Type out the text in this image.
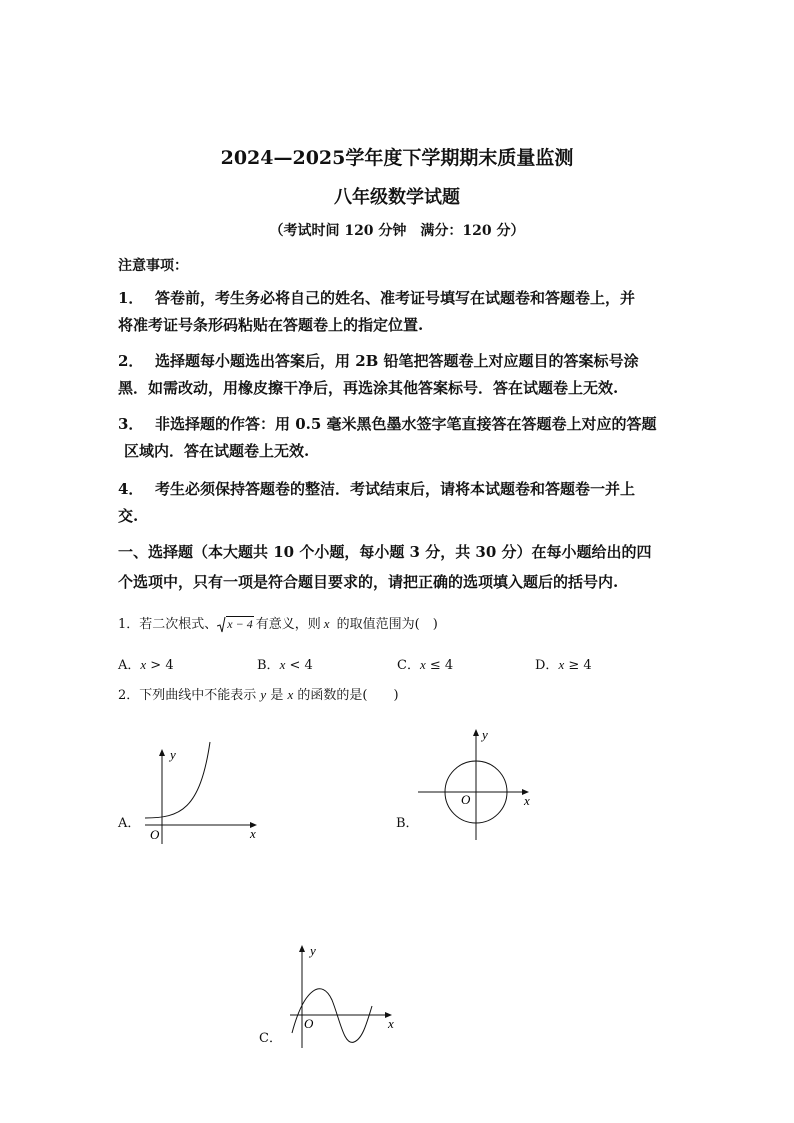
2024—2025学年度下学期期末质量监测
八年级数学试题
（考试时间 120 分钟　满分：120 分）
注意事项：
1． 答卷前，考生务必将自己的姓名、准考证号填写在试题卷和答题卷上，并
将准考证号条形码粘贴在答题卷上的指定位置.
2． 选择题每小题选出答案后，用 2B 铅笔把答题卷上对应题目的答案标号涂
黑．如需改动，用橡皮擦干净后，再选涂其他答案标号．答在试题卷上无效.
3． 非选择题的作答：用 0.5 毫米黑色墨水签字笔直接答在答题卷上对应的答题
区域内．答在试题卷上无效.
4． 考生必须保持答题卷的整洁．考试结束后，请将本试题卷和答题卷一并上
交.
一、选择题（本大题共 10 个小题，每小题 3 分，共 30 分）在每小题给出的四
个选项中，只有一项是符合题目要求的，请把正确的选项填入题后的括号内.
1．若二次根式、 x − 4 有意义，则 x 的取值范围为(　)
A．x > 4	B．x < 4	C．x ≤ 4	D．x ≥ 4
2．下列曲线中不能表示 y 是 x 的函数的是(　　)
A．
y
x
O
B．
y
x
O
C．
y
x
O
